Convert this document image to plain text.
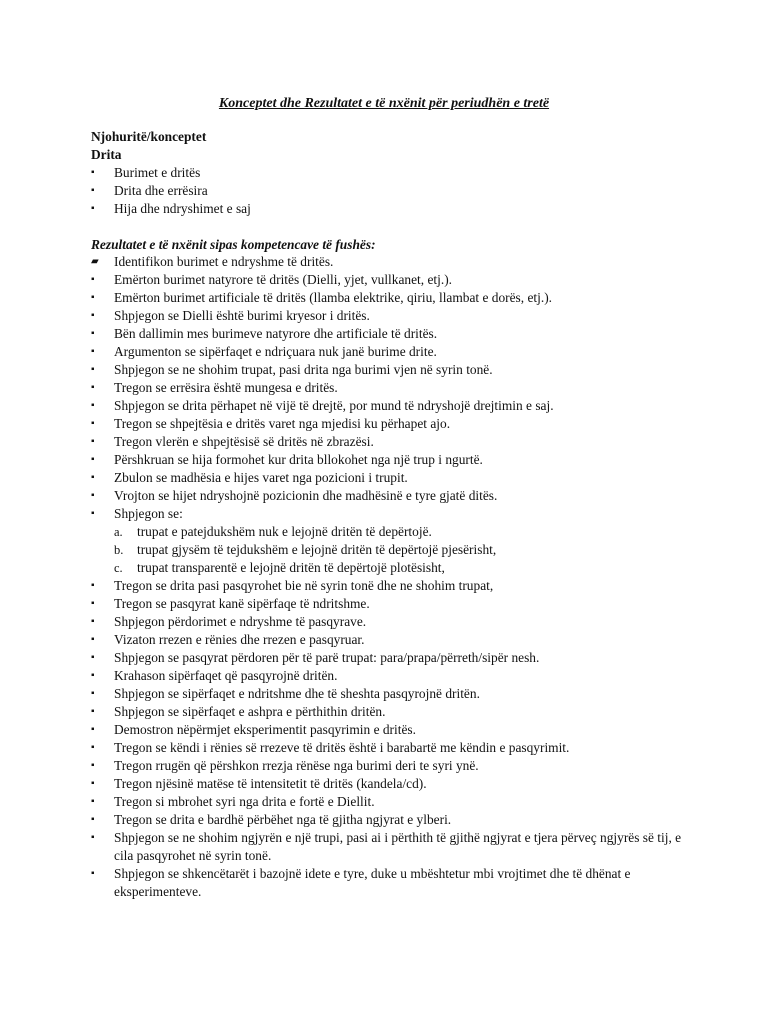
Konceptet dhe Rezultatet e të nxënit për periudhën e tretë
Njohuritë/konceptet
Drita
▪	Burimet e dritës
▪	Drita dhe errësira
▪	Hija dhe ndryshimet e saj
Rezultatet e të nxënit sipas kompetencave të fushës:
▰	Identifikon burimet e ndryshme të dritës.
▪	Emërton burimet natyrore të dritës (Dielli, yjet, vullkanet, etj.).
▪	Emërton burimet artificiale të dritës (llamba elektrike, qiriu, llambat e dorës, etj.).
▪	Shpjegon se Dielli është burimi kryesor i dritës.
▪	Bën dallimin mes burimeve natyrore dhe artificiale të dritës.
▪	Argumenton se sipërfaqet e ndriçuara nuk janë burime drite.
▪	Shpjegon se ne shohim trupat, pasi drita nga burimi vjen në syrin tonë.
▪	Tregon se errësira është mungesa e dritës.
▪	Shpjegon se drita përhapet në vijë të drejtë, por mund të ndryshojë drejtimin e saj.
▪	Tregon se shpejtësia e dritës varet nga mjedisi ku përhapet ajo.
▪	Tregon vlerën e shpejtësisë së dritës në zbrazësi.
▪	Përshkruan se hija formohet kur drita bllokohet nga një trup i ngurtë.
▪	Zbulon se madhësia e hijes varet nga pozicioni i trupit.
▪	Vrojton se hijet ndryshojnë pozicionin dhe madhësinë e tyre gjatë ditës.
▪	Shpjegon se:
a.	trupat e patejdukshëm nuk e lejojnë dritën të depërtojë.
b.	trupat gjysëm të tejdukshëm e lejojnë dritën të depërtojë pjesërisht,
c.	trupat transparentë e lejojnë dritën të depërtojë plotësisht,
▪	Tregon se drita pasi pasqyrohet bie në syrin tonë dhe ne shohim trupat,
▪	Tregon se pasqyrat kanë sipërfaqe të ndritshme.
▪	Shpjegon përdorimet e ndryshme të pasqyrave.
▪	Vizaton rrezen e rënies dhe rrezen e pasqyruar.
▪	Shpjegon se pasqyrat përdoren për të parë trupat: para/prapa/përreth/sipër nesh.
▪	Krahason sipërfaqet që pasqyrojnë dritën.
▪	Shpjegon se sipërfaqet e ndritshme dhe të sheshta pasqyrojnë dritën.
▪	Shpjegon se sipërfaqet e ashpra e përthithin dritën.
▪	Demostron nëpërmjet eksperimentit pasqyrimin e dritës.
▪	Tregon se këndi i rënies së rrezeve të dritës është i barabartë me këndin e pasqyrimit.
▪	Tregon rrugën që përshkon rrezja rënëse nga burimi deri te syri ynë.
▪	Tregon njësinë matëse të intensitetit të dritës (kandela/cd).
▪	Tregon si mbrohet syri nga drita e fortë e Diellit.
▪	Tregon se drita e bardhë përbëhet nga të gjitha ngjyrat e ylberi.
▪	Shpjegon se ne shohim ngjyrën e një trupi, pasi ai i përthith të gjithë ngjyrat e tjera përveç ngjyrës së tij, e cila pasqyrohet në syrin tonë.
▪	Shpjegon se shkencëtarët i bazojnë idete e tyre, duke u mbështetur mbi vrojtimet dhe të dhënat e eksperimenteve.
